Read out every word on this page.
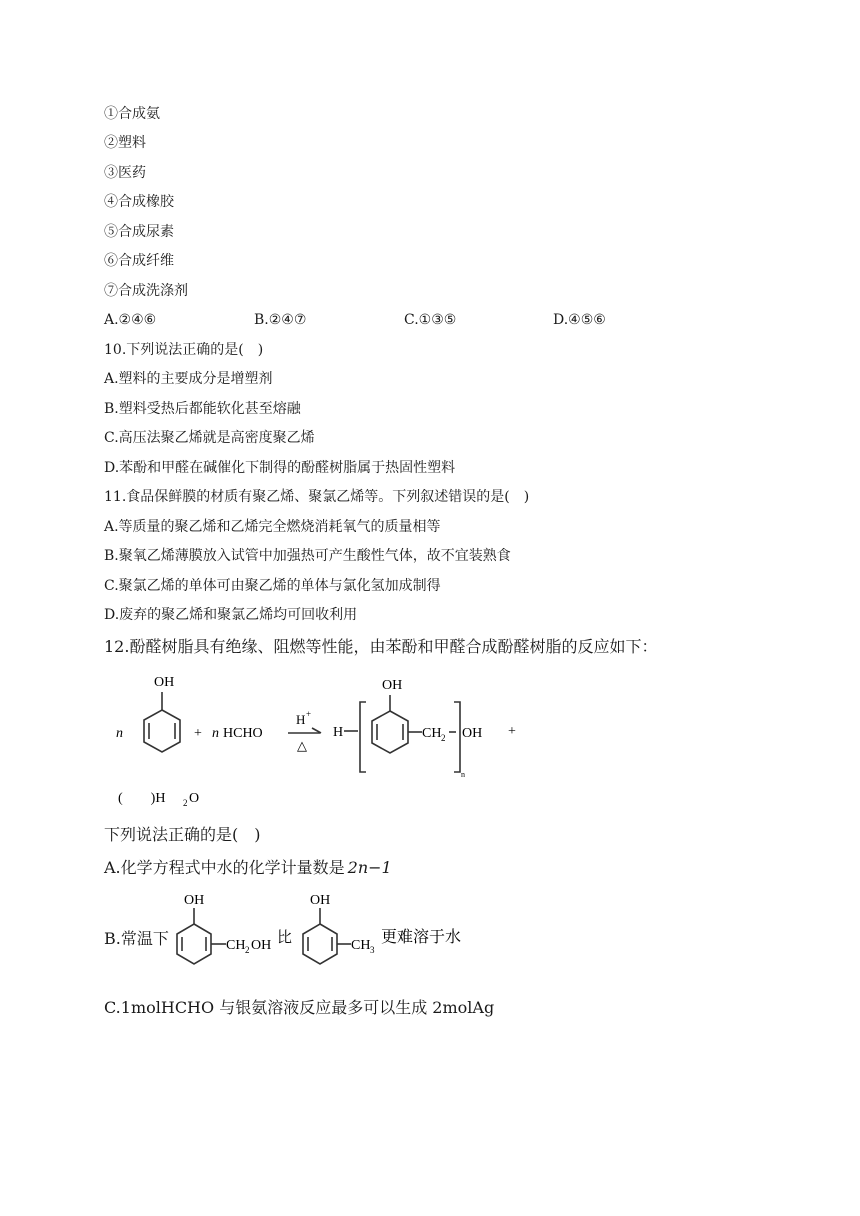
①合成氨
②塑料
③医药
④合成橡胶
⑤合成尿素
⑥合成纤维
⑦合成洗涤剂
A.②④⑥	B.②④⑦	C.①③⑤	D.④⑤⑥
10.下列说法正确的是(　)
A.塑料的主要成分是增塑剂
B.塑料受热后都能软化甚至熔融
C.高压法聚乙烯就是高密度聚乙烯
D.苯酚和甲醛在碱催化下制得的酚醛树脂属于热固性塑料
11.食品保鲜膜的材质有聚乙烯、聚氯乙烯等。下列叙述错误的是(　)
A.等质量的聚乙烯和乙烯完全燃烧消耗氧气的质量相等
B.聚氧乙烯薄膜放入试管中加强热可产生酸性气体，故不宜装熟食
C.聚氯乙烯的单体可由聚乙烯的单体与氯化氢加成制得
D.废弃的聚乙烯和聚氯乙烯均可回收利用
12.酚醛树脂具有绝缘、阻燃等性能，由苯酚和甲醛合成酚醛树脂的反应如下：
n
OH
+ n HCHO
H +
△
H
OH
CH 2 OH
n
+
(　　)H 2 O
下列说法正确的是(　)
A.化学方程式中水的化学计量数是 2n−1
B.常温下
OH
CH 2 OH 比
OH
CH 3
更难溶于水
C.1molHCHO 与银氨溶液反应最多可以生成 2molAg
